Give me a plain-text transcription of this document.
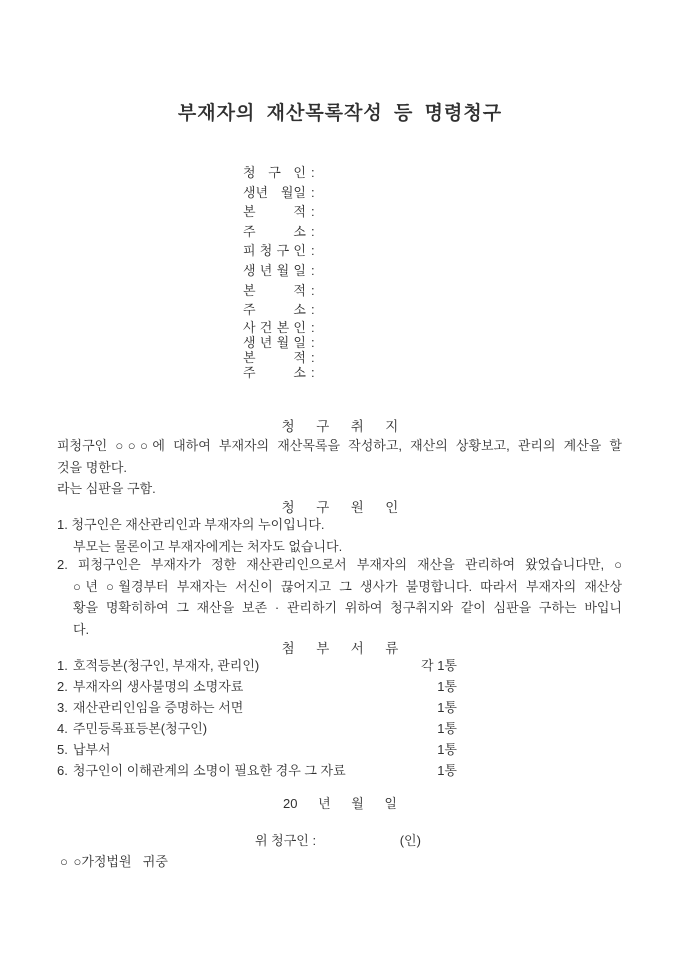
부재자의 재산목록작성 등 명령청구
청 구 인 :
생년 월일 :
본 적 :
주 소 :
피 청 구 인 :
생 년 월 일 :
본 적 :
주 소 :
사 건 본 인 :
생 년 월 일 :
본 적 :
주 소 :
청  구  취  지
피청구인 ○○○에 대하여 부재자의 재산목록을 작성하고, 재산의 상황보고, 관리의 계산을 할
것을 명한다.
라는 심판을 구함.
청  구  원  인
1. 청구인은 재산관리인과 부재자의 누이입니다.
부모는 물론이고 부재자에게는 처자도 없습니다.
2. 피청구인은 부재자가 정한 재산관리인으로서 부재자의 재산을 관리하여 왔었습니다만, ○
○년 ○월경부터 부재자는 서신이 끊어지고 그 생사가 불명합니다. 따라서 부재자의 재산상
황을 명확히하여 그 재산을 보존 · 관리하기 위하여 청구취지와 같이 심판을 구하는 바입니
다.
첨  부  서  류
1. 호적등본(청구인, 부재자, 관리인)	각 1통
2. 부재자의 생사불명의 소명자료	1통
3. 재산관리인임을 증명하는 서면	1통
4. 주민등록표등본(청구인)	1통
5. 납부서	1통
6. 청구인이 이해관계의 소명이 필요한 경우 그 자료	1통
20 년 월 일
위 청구인 :	(인)
○ ○가정법원  귀중
